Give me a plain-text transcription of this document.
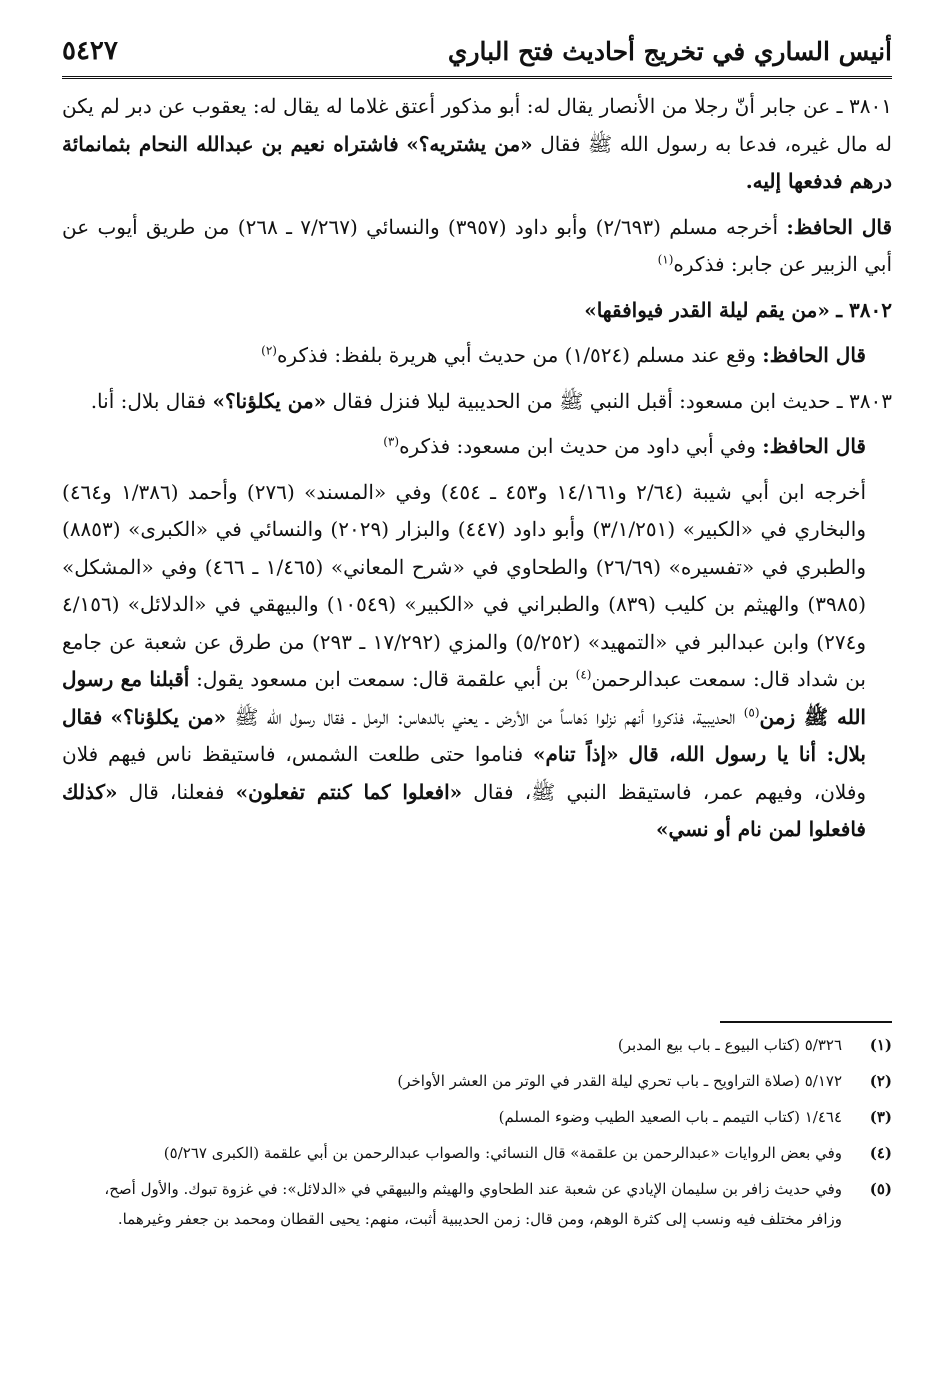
أنيس الساري في تخريج أحاديث فتح الباري
٥٤٢٧

٣٨٠١ ـ عن جابر أنّ رجلا من الأنصار يقال له: أبو مذكور أعتق غلاما له يقال له: يعقوب عن دبر لم يكن له مال غيره، فدعا به رسول الله ﷺ فقال «من يشتريه؟» فاشتراه نعيم بن عبدالله النحام بثمانمائة درهم فدفعها إليه.

قال الحافظ: أخرجه مسلم (٢/٦٩٣) وأبو داود (٣٩٥٧) والنسائي (٧/٢٦٧ ـ ٢٦٨) من طريق أيوب عن أبي الزبير عن جابر: فذكره$^{(١)}$

٣٨٠٢ ـ «من يقم ليلة القدر فيوافقها»

قال الحافظ: وقع عند مسلم (١/٥٢٤) من حديث أبي هريرة بلفظ: فذكره$^{(٢)}$

٣٨٠٣ ـ حديث ابن مسعود: أقبل النبي ﷺ من الحديبية ليلا فنزل فقال «من يكلؤنا؟» فقال بلال: أنا.

قال الحافظ: وفي أبي داود من حديث ابن مسعود: فذكره$^{(٣)}$

أخرجه ابن أبي شيبة (٢/٦٤ و١٤/١٦١ و٤٥٣ ـ ٤٥٤) وفي «المسند» (٢٧٦) وأحمد (١/٣٨٦ و٤٦٤) والبخاري في «الكبير» (٣/١/٢٥١) وأبو داود (٤٤٧) والبزار (٢٠٢٩) والنسائي في «الكبرى» (٨٨٥٣) والطبري في «تفسيره» (٢٦/٦٩) والطحاوي في «شرح المعاني» (١/٤٦٥ ـ ٤٦٦) وفي «المشكل» (٣٩٨٥) والهيثم بن كليب (٨٣٩) والطبراني في «الكبير» (١٠٥٤٩) والبيهقي في «الدلائل» (٤/١٥٦ و٢٧٤) وابن عبدالبر في «التمهيد» (٥/٢٥٢) والمزي (١٧/٢٩٢ ـ ٢٩٣) من طرق عن شعبة عن جامع بن شداد قال: سمعت عبدالرحمن$^{(٤)}$ بن أبي علقمة قال: سمعت ابن مسعود يقول: أقبلنا مع رسول الله ﷺ زمن$^{(٥)}$ الحديبية، فذكروا أنهم نزلوا دَهاساً من الأرض ـ يعني بالدهاس: الرمل ـ فقال رسول الله ﷺ «من يكلؤنا؟» فقال بلال: أنا يا رسول الله، قال «إذاً تنام» فناموا حتى طلعت الشمس، فاستيقظ ناس فيهم فلان وفلان، وفيهم عمر، فاستيقظ النبي ﷺ، فقال «افعلوا كما كنتم تفعلون» ففعلنا، قال «كذلك فافعلوا لمن نام أو نسي»

(١)
٥/٣٢٦ (كتاب البيوع ـ باب بيع المدبر)
(٢)
٥/١٧٢ (صلاة التراويح ـ باب تحري ليلة القدر في الوتر من العشر الأواخر)
(٣)
١/٤٦٤ (كتاب التيمم ـ باب الصعيد الطيب وضوء المسلم)
(٤)
وفي بعض الروايات «عبدالرحمن بن علقمة» قال النسائي: والصواب عبدالرحمن بن أبي علقمة (الكبرى ٥/٢٦٧)
(٥)
وفي حديث زافر بن سليمان الإيادي عن شعبة عند الطحاوي والهيثم والبيهقي في «الدلائل»: في غزوة تبوك. والأول أصح، وزافر مختلف فيه ونسب إلى كثرة الوهم، ومن قال: زمن الحديبية أثبت، منهم: يحيى القطان ومحمد بن جعفر وغيرهما.
